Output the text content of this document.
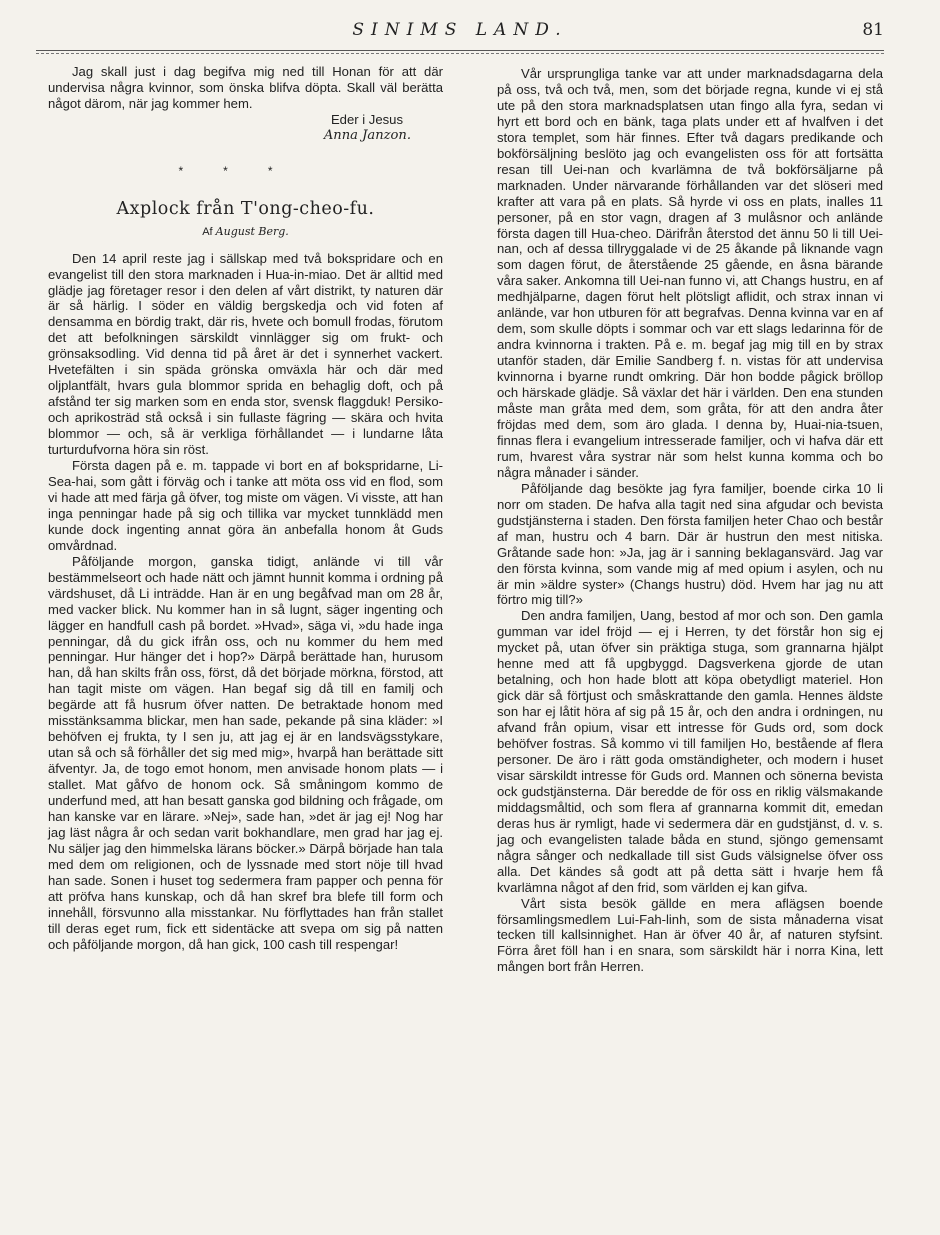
SINIMS LAND.	81

Jag skall just i dag begifva mig ned till Honan för att där undervisa några kvinnor, som önska blifva döpta. Skall väl berätta något därom, när jag kommer hem.

Eder i Jesus

Anna Janzon.

***
Axplock från T'ong-cheo-fu.
Af August Berg.

Den 14 april reste jag i sällskap med två bokspridare och en evangelist till den stora marknaden i Hua-in-miao. Det är alltid med glädje jag företager resor i den delen af vårt distrikt, ty naturen där är så härlig. I söder en väldig bergskedja och vid foten af densamma en bördig trakt, där ris, hvete och bomull frodas, förutom det att befolkningen särskildt vinnlägger sig om frukt- och grönsaksodling. Vid denna tid på året är det i synnerhet vackert. Hvetefälten i sin späda grönska omväxla här och där med oljplantfält, hvars gula blommor sprida en behaglig doft, och på afstånd ter sig marken som en enda stor, svensk flaggduk! Persiko- och aprikosträd stå också i sin fullaste fägring — skära och hvita blommor — och, så är verkliga förhållandet — i lundarne låta turturdufvorna höra sin röst.

Första dagen på e. m. tappade vi bort en af bokspridarne, Li-Sea-hai, som gått i förväg och i tanke att möta oss vid en flod, som vi hade att med färja gå öfver, tog miste om vägen. Vi visste, att han inga penningar hade på sig och tillika var mycket tunnklädd men kunde dock ingenting annat göra än anbefalla honom åt Guds omvårdnad.

Påföljande morgon, ganska tidigt, anlände vi till vår bestämmelseort och hade nätt och jämnt hunnit komma i ordning på värdshuset, då Li inträdde. Han är en ung begåfvad man om 28 år, med vacker blick. Nu kommer han in så lugnt, säger ingenting och lägger en handfull cash på bordet. »Hvad», säga vi, »du hade inga penningar, då du gick ifrån oss, och nu kommer du hem med penningar. Hur hänger det i hop?» Därpå berättade han, hurusom han, då han skilts från oss, först, då det började mörkna, förstod, att han tagit miste om vägen. Han begaf sig då till en familj och begärde att få husrum öfver natten. De betraktade honom med misstänksamma blickar, men han sade, pekande på sina kläder: »I behöfven ej frukta, ty I sen ju, att jag ej är en landsvägsstykare, utan så och så förhåller det sig med mig», hvarpå han berättade sitt äfventyr. Ja, de togo emot honom, men anvisade honom plats — i stallet. Mat gåfvo de honom ock. Så småningom kommo de underfund med, att han besatt ganska god bildning och frågade, om han kanske var en lärare. »Nej», sade han, »det är jag ej! Nog har jag läst några år och sedan varit bokhandlare, men grad har jag ej. Nu säljer jag den himmelska lärans böcker.» Därpå började han tala med dem om religionen, och de lyssnade med stort nöje till hvad han sade. Sonen i huset tog sedermera fram papper och penna för att pröfva hans kunskap, och då han skref bra blefe till form och innehåll, försvunno alla misstankar. Nu förflyttades han från stallet till deras eget rum, fick ett sidentäcke att svepa om sig på natten och påföljande morgon, då han gick, 100 cash till respengar!

Vår ursprungliga tanke var att under marknadsdagarna dela på oss, två och två, men, som det började regna, kunde vi ej stå ute på den stora marknadsplatsen utan fingo alla fyra, sedan vi hyrt ett bord och en bänk, taga plats under ett af hvalfven i det stora templet, som här finnes. Efter två dagars predikande och bokförsäljning beslöto jag och evangelisten oss för att fortsätta resan till Uei-nan och kvarlämna de två bokförsäljarne på marknaden. Under närvarande förhållanden var det slöseri med krafter att vara på en plats. Så hyrde vi oss en plats, inalles 11 personer, på en stor vagn, dragen af 3 mulåsnor och anlände första dagen till Hua-cheo. Därifrån återstod det ännu 50 li till Uei-nan, och af dessa tillryggalade vi de 25 åkande på liknande vagn som dagen förut, de återstående 25 gående, en åsna bärande våra saker. Ankomna till Uei-nan funno vi, att Changs hustru, en af medhjälparne, dagen förut helt plötsligt aflidit, och strax innan vi anlände, var hon utburen för att begrafvas. Denna kvinna var en af dem, som skulle döpts i sommar och var ett slags ledarinna för de andra kvinnorna i trakten. På e. m. begaf jag mig till en by strax utanför staden, där Emilie Sandberg f. n. vistas för att undervisa kvinnorna i byarne rundt omkring. Där hon bodde pågick bröllop och härskade glädje. Så växlar det här i världen. Den ena stunden måste man gråta med dem, som gråta, för att den andra åter fröjdas med dem, som äro glada. I denna by, Huai-nia-tsuen, finnas flera i evangelium intresserade familjer, och vi hafva där ett rum, hvarest våra systrar när som helst kunna komma och bo några månader i sänder.

Påföljande dag besökte jag fyra familjer, boende cirka 10 li norr om staden. De hafva alla tagit ned sina afgudar och bevista gudstjänsterna i staden. Den första familjen heter Chao och består af man, hustru och 4 barn. Där är hustrun den mest nitiska. Gråtande sade hon: »Ja, jag är i sanning beklagansvärd. Jag var den första kvinna, som vande mig af med opium i asylen, och nu är min »äldre syster» (Changs hustru) död. Hvem har jag nu att förtro mig till?»

Den andra familjen, Uang, bestod af mor och son. Den gamla gumman var idel fröjd — ej i Herren, ty det förstår hon sig ej mycket på, utan öfver sin präktiga stuga, som grannarna hjälpt henne med att få upgbyggd. Dagsverkena gjorde de utan betalning, och hon hade blott att köpa obetydligt materiel. Hon gick där så förtjust och småskrattande den gamla. Hennes äldste son har ej låtit höra af sig på 15 år, och den andra i ordningen, nu afvand från opium, visar ett intresse för Guds ord, som dock behöfver fostras. Så kommo vi till familjen Ho, bestående af flera personer. De äro i rätt goda omständigheter, och modern i huset visar särskildt intresse för Guds ord. Mannen och sönerna bevista ock gudstjänsterna. Där beredde de för oss en riklig välsmakande middagsmåltid, och som flera af grannarna kommit dit, emedan deras hus är rymligt, hade vi sedermera där en gudstjänst, d. v. s. jag och evangelisten talade båda en stund, sjöngo gemensamt några sånger och nedkallade till sist Guds välsignelse öfver oss alla. Det kändes så godt att på detta sätt i hvarje hem få kvarlämna något af den frid, som världen ej kan gifva.

Vårt sista besök gällde en mera aflägsen boende församlingsmedlem Lui-Fah-linh, som de sista månaderna visat tecken till kallsinnighet. Han är öfver 40 år, af naturen styfsint. Förra året föll han i en snara, som särskildt här i norra Kina, lett mången bort från Herren.
